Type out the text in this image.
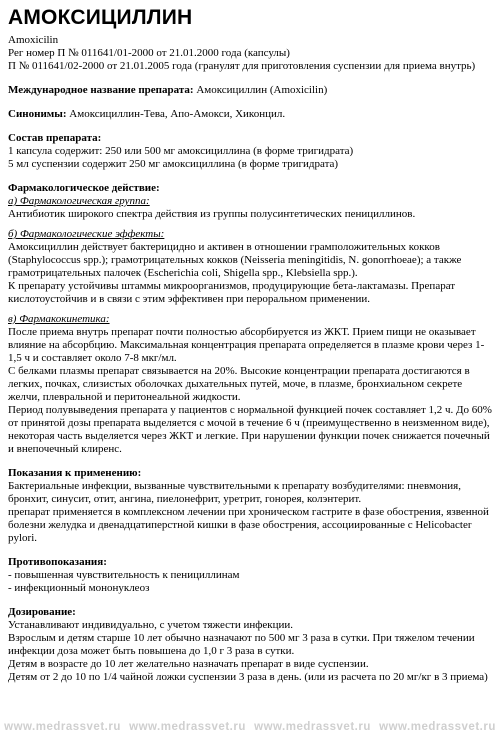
АМОКСИЦИЛЛИН

Amoxicilin

Рег номер П № 011641/01-2000 от 21.01.2000 года (капсулы)

П № 011641/02-2000 от 21.01.2005 года (гранулят для приготовления суспензии для приема внутрь)

Международное название препарата: Амоксициллин (Amoxicilin)

Синонимы: Амоксициллин-Тева, Апо-Амокси, Хиконцил.

Состав препарата:

1 капсула содержит: 250 или 500 мг амоксициллина (в форме тригидрата)

5 мл суспензии содержит 250 мг амоксициллина (в форме тригидрата)

Фармакологическое действие:

а) Фармакологическая группа:

Антибиотик широкого спектра действия из группы полусинтетических пенициллинов.

б) Фармакологические эффекты:

Амоксициллин действует бактерицидно и активен в отношении грамположительных кокков (Staphylococcus spp.); грамотрицательных кокков (Neisseria meningitidis, N. gonorrhoeae); а также грамотрицательных палочек (Escherichia coli, Shigella spp., Klebsiella spp.).

К препарату устойчивы штаммы микроорганизмов, продуцирующие бета-лактамазы. Препарат кислотоустойчив и в связи с этим эффективен при пероральном применении.

в) Фармакокинетика:

После приема внутрь препарат почти полностью абсорбируется из ЖКТ. Прием пищи не оказывает влияние на абсорбцию. Максимальная концентрация препарата определяется в плазме крови через 1-1,5 ч и составляет около 7-8 мкг/мл.

С белками плазмы препарат связывается на 20%. Высокие концентрации препарата достигаются в легких, почках, слизистых оболочках дыхательных путей, моче, в плазме, бронхиальном секрете желчи, плевральной и перитонеальной жидкости.

Период полувыведения препарата у пациентов с нормальной функцией почек составляет 1,2 ч. До 60% от принятой дозы препарата выделяется с мочой в течение 6 ч (преимущественно в неизменном виде), некоторая часть выделяется через ЖКТ и легкие. При нарушении функции почек снижается почечный и внепочечный клиренс.

Показания к применению:

Бактериальные инфекции, вызванные чувствительными к препарату возбудителями: пневмония, бронхит, синусит, отит, ангина, пиелонефрит, уретрит, гонорея, колэнтерит.

препарат применяется в комплексном лечении при хроническом гастрите в фазе обострения, язвенной болезни желудка и двенадцатиперстной кишки в фазе обострения, ассоциированные с Helicobacter pylori.

Противопоказания:

- повышенная чувствительность к пенициллинам

- инфекционный мононуклеоз

Дозирование:

Устанавливают индивидуально, с учетом тяжести инфекции.

Взрослым и детям старше 10 лет обычно назначают по 500 мг 3 раза в сутки. При тяжелом течении инфекции доза может быть повышена до 1,0 г 3 раза в сутки.

Детям в возрасте до 10 лет желательно назначать препарат в виде суспензии.

Детям от 2 до 10 по 1/4 чайной ложки суспензии 3 раза в день. (или из расчета по 20 мг/кг в 3 приема)

www.medrassvet.ru www.medrassvet.ru www.medrassvet.ru www.medrassvet.ru
